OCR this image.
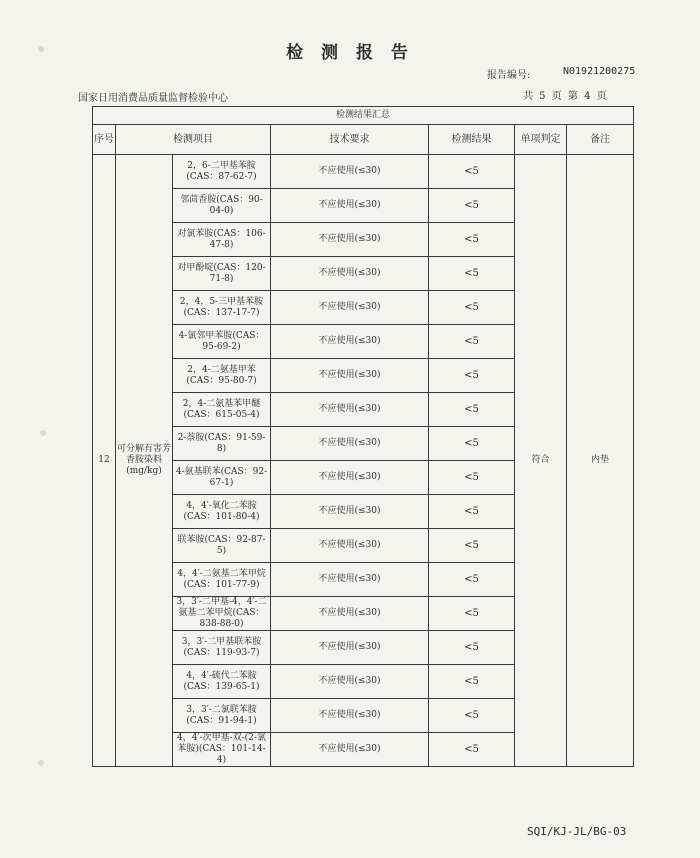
检 测 报 告
报告编号:	N01921200275
国家日用消费品质量监督检验中心	共 5 页 第 4 页
检测结果汇总						
序号	检测项目		技术要求	检测结果	单项判定	备注
12	可分解有害芳香胺染料(mg/kg)	2，6-二甲基苯胺(CAS：87-62-7)	不应使用(≤30)	<5	符合	内垫
		邻茴香胺(CAS：90-04-0)	不应使用(≤30)	<5		
		对氯苯胺(CAS：106-47-8)	不应使用(≤30)	<5		
		对甲酚啶(CAS：120-71-8)	不应使用(≤30)	<5		
		2，4，5-三甲基苯胺(CAS：137-17-7)	不应使用(≤30)	<5		
		4-氯邻甲苯胺(CAS：95-69-2)	不应使用(≤30)	<5		
		2，4-二氨基甲苯(CAS：95-80-7)	不应使用(≤30)	<5		
		2，4-二氨基苯甲醚(CAS：615-05-4)	不应使用(≤30)	<5		
		2-萘胺(CAS：91-59-8)	不应使用(≤30)	<5		
		4-氨基联苯(CAS：92-67-1)	不应使用(≤30)	<5		
		4，4′-氧化二苯胺(CAS：101-80-4)	不应使用(≤30)	<5		
		联苯胺(CAS：92-87-5)	不应使用(≤30)	<5		
		4，4′-二氨基二苯甲烷(CAS：101-77-9)	不应使用(≤30)	<5		
		3，3′-二甲基-4，4′-二氨基二苯甲烷(CAS：838-88-0)	不应使用(≤30)	<5		
		3，3′-二甲基联苯胺(CAS：119-93-7)	不应使用(≤30)	<5		
		4，4′-硫代二苯胺(CAS：139-65-1)	不应使用(≤30)	<5		
		3，3′-二氯联苯胺(CAS：91-94-1)	不应使用(≤30)	<5		
		4，4′-次甲基-双-(2-氯苯胺)(CAS：101-14-4)	不应使用(≤30)	<5		
SQI/KJ-JL/BG-03
